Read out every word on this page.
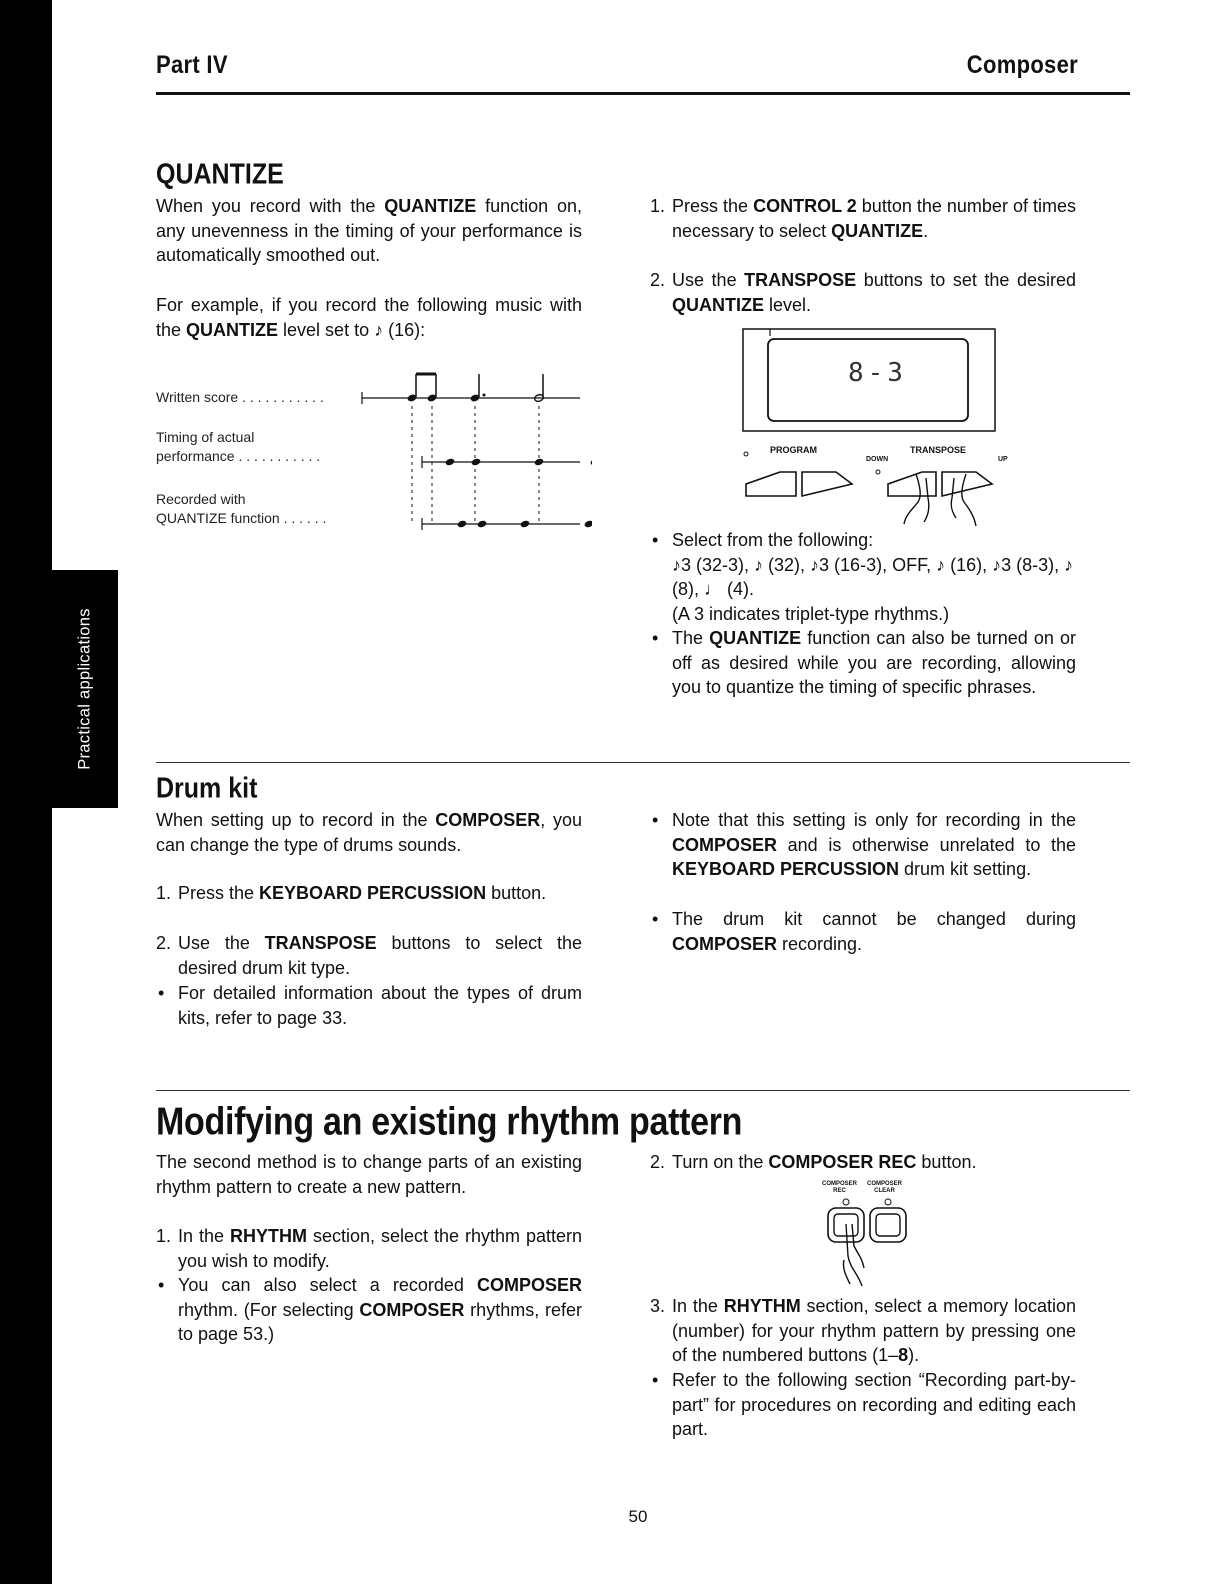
Practical applications
Part IV	Composer
QUANTIZE
When you record with the QUANTIZE function on, any unevenness in the timing of your performance is automatically smoothed out.
For example, if you record the following music with the QUANTIZE level set to ♪ (16):
Written score . . . . . . . . . . .
Timing of actual
performance . . . . . . . . . . .
Recorded with
QUANTIZE function . . . . . .
1. Press the CONTROL 2 button the number of times necessary to select QUANTIZE.
2. Use the TRANSPOSE buttons to set the desired QUANTIZE level.
8-3
PROGRAM	TRANSPOSE
DOWN	UP
• Select from the following:
♪3 (32-3), ♪ (32), ♪3 (16-3), OFF, ♪ (16), ♪3 (8-3), ♪ (8), ♩ (4).
(A 3 indicates triplet-type rhythms.)
• The QUANTIZE function can also be turned on or off as desired while you are recording, allowing you to quantize the timing of specific phrases.
Drum kit
When setting up to record in the COMPOSER, you can change the type of drums sounds.
1. Press the KEYBOARD PERCUSSION button.
2. Use the TRANSPOSE buttons to select the desired drum kit type.
• For detailed information about the types of drum kits, refer to page 33.
• Note that this setting is only for recording in the COMPOSER and is otherwise unrelated to the KEYBOARD PERCUSSION drum kit setting.
• The drum kit cannot be changed during COMPOSER recording.
Modifying an existing rhythm pattern
The second method is to change parts of an existing rhythm pattern to create a new pattern.
1. In the RHYTHM section, select the rhythm pattern you wish to modify.
• You can also select a recorded COMPOSER rhythm. (For selecting COMPOSER rhythms, refer to page 53.)
2. Turn on the COMPOSER REC button.
COMPOSER
REC
COMPOSER
CLEAR
3. In the RHYTHM section, select a memory location (number) for your rhythm pattern by pressing one of the numbered buttons (1–8).
• Refer to the following section “Recording part-by-part” for procedures on recording and editing each part.
50
